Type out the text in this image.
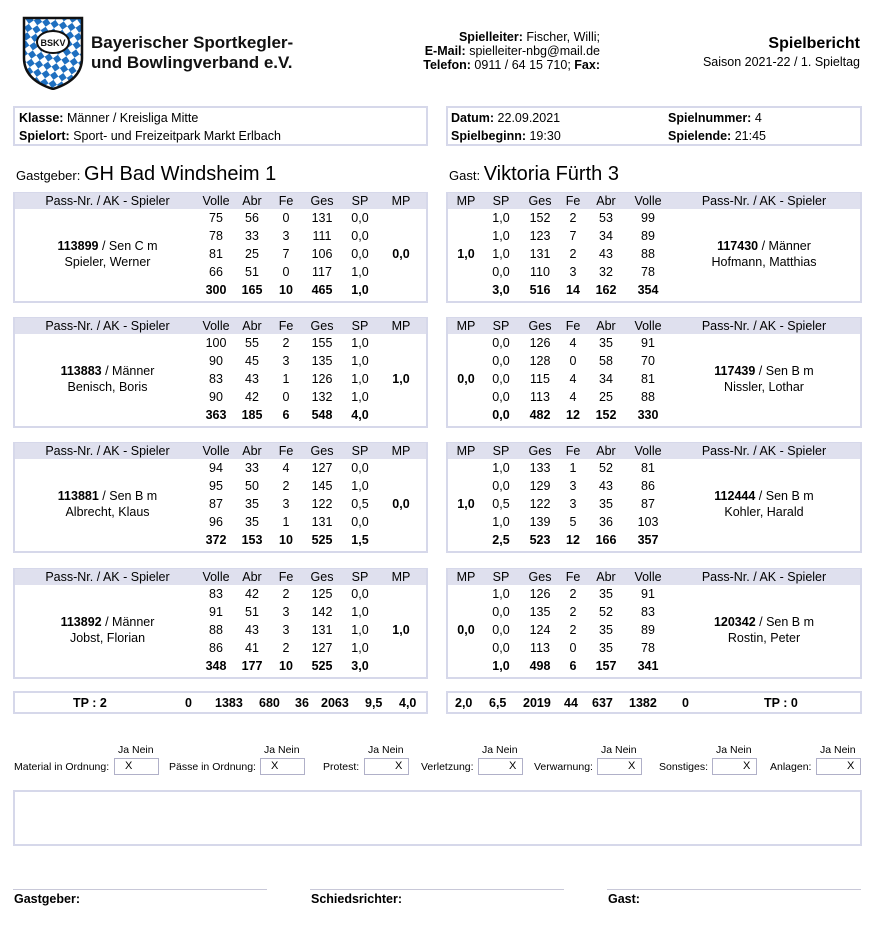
BSKV Bayerischer Sportkegler-
und Bowlingverband e.V.
Spielleiter: Fischer, Willi;
E-Mail: spielleiter-nbg@mail.de
Telefon: 0911 / 64 15 710; Fax:
Spielbericht
Saison 2021-22 / 1. Spieltag
Klasse: Männer / Kreisliga Mitte
Spielort: Sport- und Freizeitpark Markt Erlbach
Datum: 22.09.2021
Spielbeginn: 19:30
Spielnummer: 4
Spielende: 21:45
Gastgeber: GH Bad Windsheim 1	Gast: Viktoria Fürth 3
Pass-Nr. / AK - Spieler	Volle	Abr	Fe	Ges	SP	MP
113899 / Sen C m
Spieler, Werner	75	56	0	131	0,0	0,0
	78	33	3	111	0,0	
	81	25	7	106	0,0	
	66	51	0	117	1,0	
	300	165	10	465	1,0	
MP	SP	Ges	Fe	Abr	Volle	Pass-Nr. / AK - Spieler
1,0	1,0	152	2	53	99	117430 / Männer
Hofmann, Matthias
	1,0	123	7	34	89	
	1,0	131	2	43	88	
	0,0	110	3	32	78	
	3,0	516	14	162	354	
Pass-Nr. / AK - Spieler	Volle	Abr	Fe	Ges	SP	MP
113883 / Männer
Benisch, Boris	100	55	2	155	1,0	1,0
	90	45	3	135	1,0	
	83	43	1	126	1,0	
	90	42	0	132	1,0	
	363	185	6	548	4,0	
MP	SP	Ges	Fe	Abr	Volle	Pass-Nr. / AK - Spieler
0,0	0,0	126	4	35	91	117439 / Sen B m
Nissler, Lothar
	0,0	128	0	58	70	
	0,0	115	4	34	81	
	0,0	113	4	25	88	
	0,0	482	12	152	330	
Pass-Nr. / AK - Spieler	Volle	Abr	Fe	Ges	SP	MP
113881 / Sen B m
Albrecht, Klaus	94	33	4	127	0,0	0,0
	95	50	2	145	1,0	
	87	35	3	122	0,5	
	96	35	1	131	0,0	
	372	153	10	525	1,5	
MP	SP	Ges	Fe	Abr	Volle	Pass-Nr. / AK - Spieler
1,0	1,0	133	1	52	81	112444 / Sen B m
Kohler, Harald
	0,0	129	3	43	86	
	0,5	122	3	35	87	
	1,0	139	5	36	103	
	2,5	523	12	166	357	
Pass-Nr. / AK - Spieler	Volle	Abr	Fe	Ges	SP	MP
113892 / Männer
Jobst, Florian	83	42	2	125	0,0	1,0
	91	51	3	142	1,0	
	88	43	3	131	1,0	
	86	41	2	127	1,0	
	348	177	10	525	3,0	
MP	SP	Ges	Fe	Abr	Volle	Pass-Nr. / AK - Spieler
0,0	1,0	126	2	35	91	120342 / Sen B m
Rostin, Peter
	0,0	135	2	52	83	
	0,0	124	2	35	89	
	0,0	113	0	35	78	
	1,0	498	6	157	341	
TP : 2	0 1383 680 36 2063 9,5 4,0	2,0 6,5 2019 44 637 1382 0	TP : 0
Ja Nein
Material in Ordnung: X
Ja Nein
Pässe in Ordnung: X
Ja Nein
Protest:	X
Ja Nein
Verletzung:	X
Ja Nein
Verwarnung:	X
Ja Nein
Sonstiges:	X
Ja Nein
Anlagen:	X
Gastgeber:	Schiedsrichter:	Gast:
